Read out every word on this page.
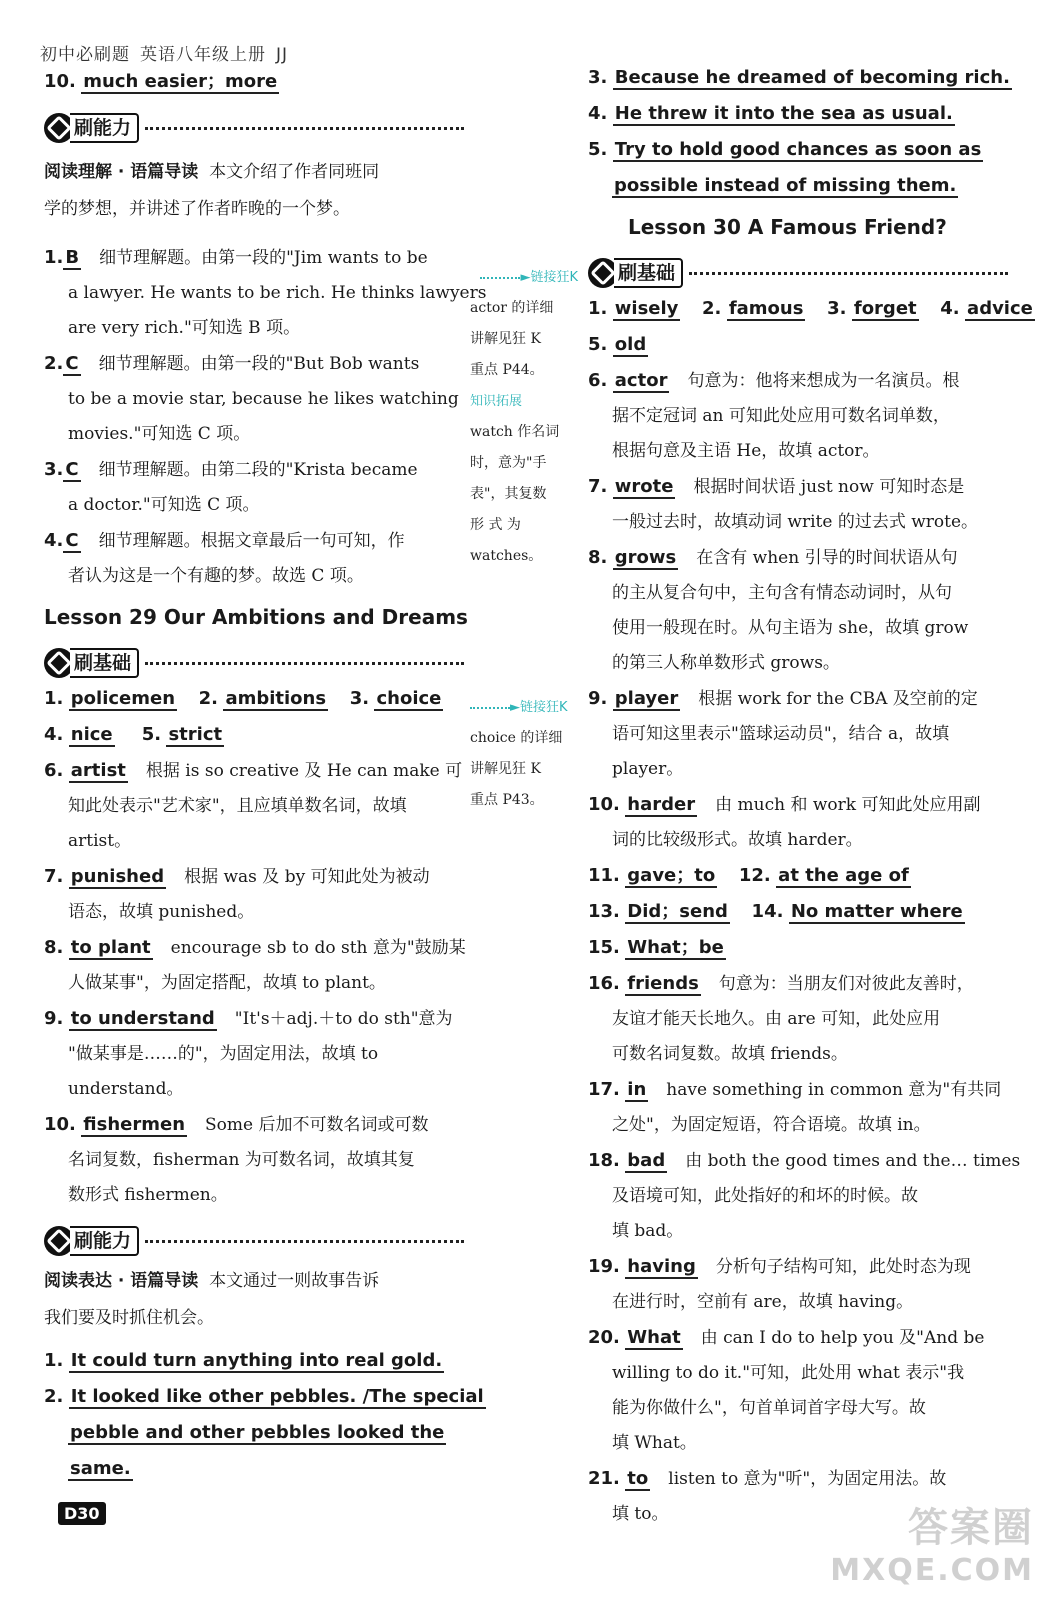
初中必刷题 英语八年级上册 JJ
10. much easier；more
刷能力
阅读理解 · 语篇导读 本文介绍了作者同班同
学的梦想，并讲述了作者昨晚的一个梦。
1. B 细节理解题。由第一段的"Jim wants to be
a lawyer. He wants to be rich. He thinks lawyers
are very rich."可知选 B 项。
2. C 细节理解题。由第一段的"But Bob wants
to be a movie star, because he likes watching
movies."可知选 C 项。
3. C 细节理解题。由第二段的"Krista became
a doctor."可知选 C 项。
4. C 细节理解题。根据文章最后一句可知，作
者认为这是一个有趣的梦。故选 C 项。
Lesson 29 Our Ambitions and Dreams
刷基础
1. policemen 2. ambitions 3. choice
4. nice 5. strict
6. artist 根据 is so creative 及 He can make 可
知此处表示"艺术家"，且应填单数名词，故填
artist。
7. punished 根据 was 及 by 可知此处为被动
语态，故填 punished。
8. to plant encourage sb to do sth 意为"鼓励某
人做某事"，为固定搭配，故填 to plant。
9. to understand "It's＋adj.＋to do sth"意为
"做某事是……的"，为固定用法，故填 to
understand。
10. fishermen Some 后加不可数名词或可数
名词复数，fisherman 为可数名词，故填其复
数形式 fishermen。
刷能力
阅读表达 · 语篇导读 本文通过一则故事告诉
我们要及时抓住机会。
1. It could turn anything into real gold.
2. It looked like other pebbles. /The special
pebble and other pebbles looked the
same.
►链接狂K
actor 的详细
讲解见狂 K
重点 P44。
知识拓展
watch 作名词
时，意为"手
表"，其复数
形 式 为
watches。
►链接狂K
choice 的详细
讲解见狂 K
重点 P43。
3. Because he dreamed of becoming rich.
4. He threw it into the sea as usual.
5. Try to hold good chances as soon as
possible instead of missing them.
Lesson 30 A Famous Friend?
刷基础
1. wisely 2. famous 3. forget 4. advice
5. old
6. actor 句意为：他将来想成为一名演员。根
据不定冠词 an 可知此处应用可数名词单数，
根据句意及主语 He，故填 actor。
7. wrote 根据时间状语 just now 可知时态是
一般过去时，故填动词 write 的过去式 wrote。
8. grows 在含有 when 引导的时间状语从句
的主从复合句中，主句含有情态动词时，从句
使用一般现在时。从句主语为 she，故填 grow
的第三人称单数形式 grows。
9. player 根据 work for the CBA 及空前的定
语可知这里表示"篮球运动员"，结合 a，故填
player。
10. harder 由 much 和 work 可知此处应用副
词的比较级形式。故填 harder。
11. gave；to 12. at the age of
13. Did；send 14. No matter where
15. What；be
16. friends 句意为：当朋友们对彼此友善时，
友谊才能天长地久。由 are 可知，此处应用
可数名词复数。故填 friends。
17. in have something in common 意为"有共同
之处"，为固定短语，符合语境。故填 in。
18. bad 由 both the good times and the… times
及语境可知，此处指好的和坏的时候。故
填 bad。
19. having 分析句子结构可知，此处时态为现
在进行时，空前有 are，故填 having。
20. What 由 can I do to help you 及"And be
willing to do it."可知，此处用 what 表示"我
能为你做什么"，句首单词首字母大写。故
填 What。
21. to listen to 意为"听"，为固定用法。故
填 to。
D30	答案圈
MXQE.COM
